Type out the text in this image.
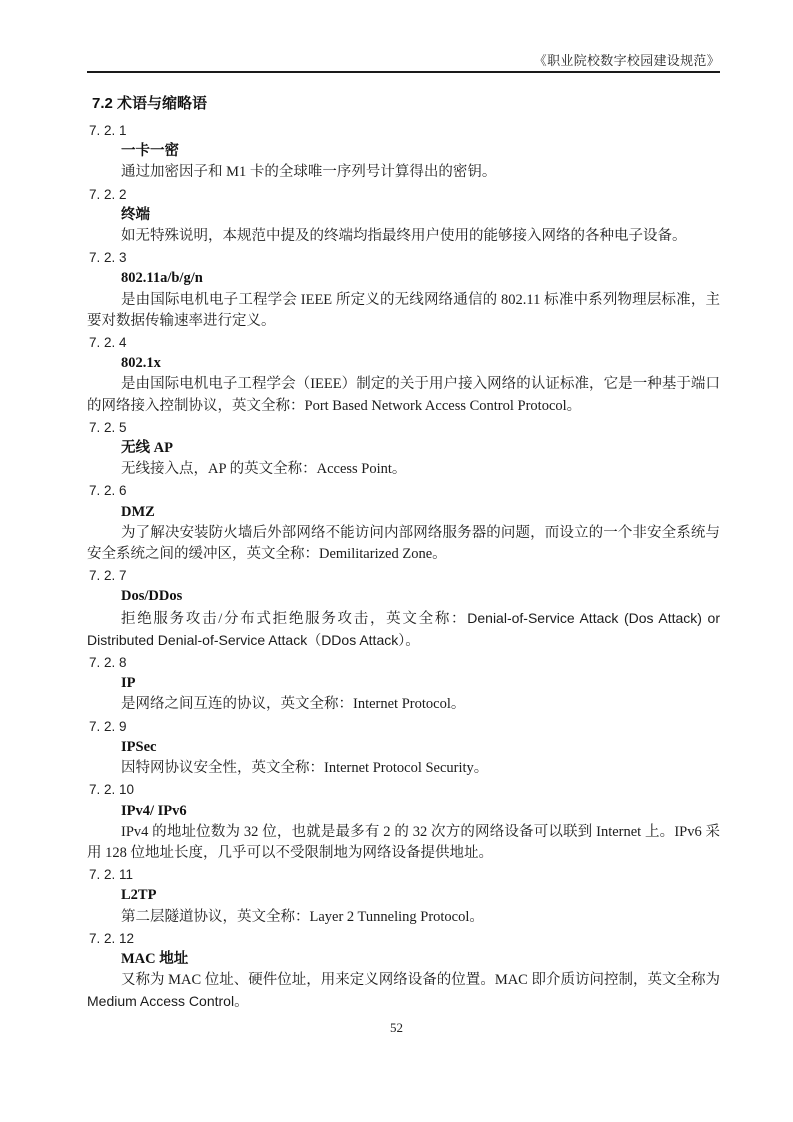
《职业院校数字校园建设规范》
7.2 术语与缩略语
7. 2. 1
一卡一密

通过加密因子和 M1 卡的全球唯一序列号计算得出的密钥。

7. 2. 2
终端

如无特殊说明，本规范中提及的终端均指最终用户使用的能够接入网络的各种电子设备。

7. 2. 3
802.11a/b/g/n

是由国际电机电子工程学会 IEEE 所定义的无线网络通信的 802.11 标准中系列物理层标准，主要对数据传输速率进行定义。

7. 2. 4
802.1x

是由国际电机电子工程学会（IEEE）制定的关于用户接入网络的认证标准，它是一种基于端口的网络接入控制协议，英文全称：Port Based Network Access Control Protocol。

7. 2. 5
无线 AP

无线接入点，AP 的英文全称：Access Point。

7. 2. 6
DMZ

为了解决安装防火墙后外部网络不能访问内部网络服务器的问题，而设立的一个非安全系统与安全系统之间的缓冲区，英文全称：Demilitarized Zone。

7. 2. 7
Dos/DDos

拒绝服务攻击/分布式拒绝服务攻击，英文全称：Denial-of-Service Attack (Dos Attack) or Distributed Denial-of-Service Attack（DDos Attack）。

7. 2. 8
IP

是网络之间互连的协议，英文全称：Internet Protocol。

7. 2. 9
IPSec

因特网协议安全性，英文全称：Internet Protocol Security。

7. 2. 10
IPv4/ IPv6

IPv4 的地址位数为 32 位，也就是最多有 2 的 32 次方的网络设备可以联到 Internet 上。IPv6 采用 128 位地址长度，几乎可以不受限制地为网络设备提供地址。

7. 2. 11
L2TP

第二层隧道协议，英文全称：Layer 2 Tunneling Protocol。

7. 2. 12
MAC 地址

又称为 MAC 位址、硬件位址，用来定义网络设备的位置。MAC 即介质访问控制，英文全称为 Medium Access Control。

52
